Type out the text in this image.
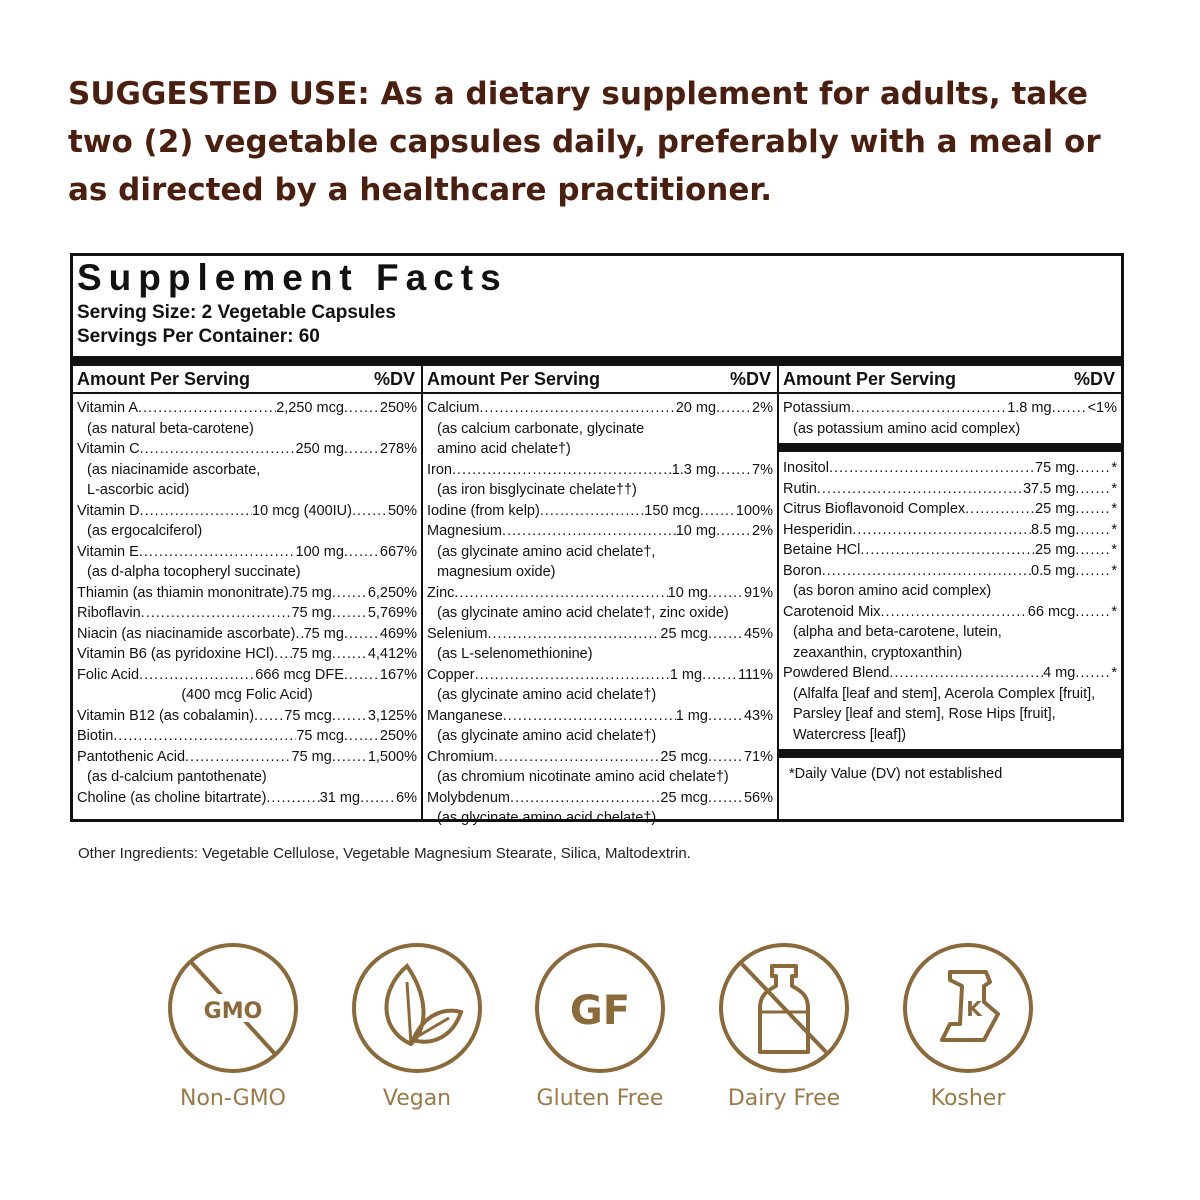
SUGGESTED USE: As a dietary supplement for adults, take two (2) vegetable capsules daily, preferably with a meal or as directed by a healthcare practitioner.
Supplement Facts
Serving Size: 2 Vegetable Capsules
Servings Per Container: 60
Amount Per Serving	%DV
Vitamin A .....	2,250 mcg ..... 250%
(as natural beta-carotene)
Vitamin C .....	250 mg ..... 278%
(as niacinamide ascorbate,
L-ascorbic acid)
Vitamin D .....	10 mcg (400IU) ..... 50%
(as ergocalciferol)
Vitamin E .....	100 mg ..... 667%
(as d-alpha tocopheryl succinate)
Thiamin (as thiamin mononitrate) ..... 75 mg ..... 6,250%
Riboflavin .....	75 mg ..... 5,769%
Niacin (as niacinamide ascorbate) ..... 75 mg ..... 469%
Vitamin B6 (as pyridoxine HCl) ..... 75 mg ..... 4,412%
Folic Acid .....	666 mcg DFE ..... 167%
(400 mcg Folic Acid)
Vitamin B12 (as cobalamin) ..... 75 mcg ..... 3,125%
Biotin .....	75 mcg ..... 250%
Pantothenic Acid .....	75 mg ..... 1,500%
(as d-calcium pantothenate)
Choline (as choline bitartrate) .....	31 mg ..... 6%
Amount Per Serving	%DV
Calcium .....	20 mg ..... 2%
(as calcium carbonate, glycinate
amino acid chelate†)
Iron .....	1.3 mg ..... 7%
(as iron bisglycinate chelate††)
Iodine (from kelp) .....	150 mcg ..... 100%
Magnesium .....	10 mg ..... 2%
(as glycinate amino acid chelate†,
magnesium oxide)
Zinc .....	10 mg ..... 91%
(as glycinate amino acid chelate†, zinc oxide)
Selenium .....	25 mcg ..... 45%
(as L-selenomethionine)
Copper .....	1 mg ..... 111%
(as glycinate amino acid chelate†)
Manganese .....	1 mg ..... 43%
(as glycinate amino acid chelate†)
Chromium .....	25 mcg ..... 71%
(as chromium nicotinate amino acid chelate†)
Molybdenum .....	25 mcg ..... 56%
(as glycinate amino acid chelate†)
Amount Per Serving	%DV
Potassium .....	1.8 mg ..... <1%
(as potassium amino acid complex)
Inositol .....	75 mg ..... *
Rutin .....	37.5 mg ..... *
Citrus Bioflavonoid Complex .....	25 mg ..... *
Hesperidin .....	8.5 mg ..... *
Betaine HCl .....	25 mg ..... *
Boron .....	0.5 mg ..... *
(as boron amino acid complex)
Carotenoid Mix .....	66 mcg ..... *
(alpha and beta-carotene, lutein,
zeaxanthin, cryptoxanthin)
Powdered Blend .....	4 mg ..... *
(Alfalfa [leaf and stem], Acerola Complex [fruit],
Parsley [leaf and stem], Rose Hips [fruit],
Watercress [leaf])
*Daily Value (DV) not established
Other Ingredients: Vegetable Cellulose, Vegetable Magnesium Stearate, Silica, Maltodextrin.
GMO
Non-GMO	Vegan
GF
Gluten Free	Dairy Free
K
Kosher
